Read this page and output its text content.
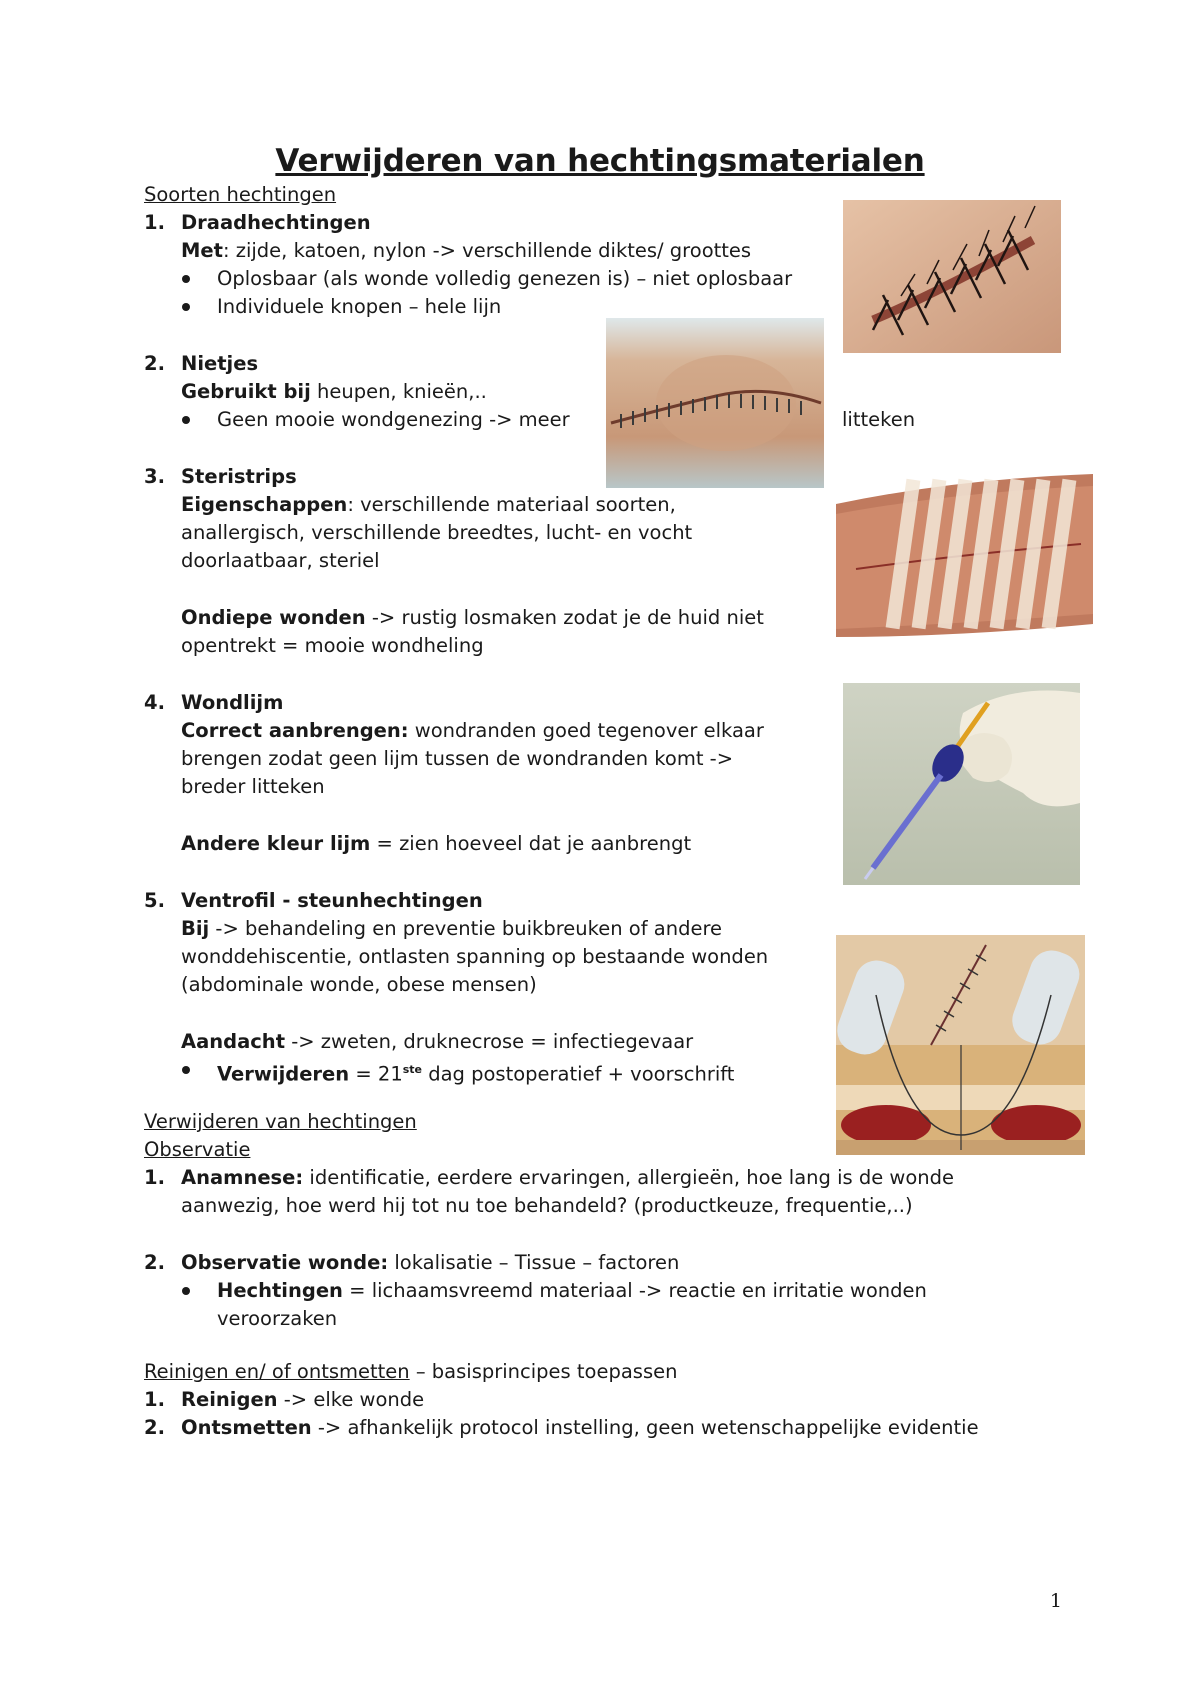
Verwijderen van hechtingsmaterialen
Soorten hechtingen
1. Draadhechtingen
Met: zijde, katoen, nylon -> verschillende diktes/ groottes
Oplosbaar (als wonde volledig genezen is) – niet oplosbaar
Individuele knopen – hele lijn
2. Nietjes
Gebruikt bij heupen, knieën,..
Geen mooie wondgenezing -> meer	litteken
3. Steristrips
Eigenschappen: verschillende materiaal soorten,
anallergisch, verschillende breedtes, lucht- en vocht
doorlaatbaar, steriel
Ondiepe wonden -> rustig losmaken zodat je de huid niet
opentrekt = mooie wondheling
4. Wondlijm
Correct aanbrengen: wondranden goed tegenover elkaar
brengen zodat geen lijm tussen de wondranden komt ->
breder litteken
Andere kleur lijm = zien hoeveel dat je aanbrengt
5. Ventrofil - steunhechtingen
Bij -> behandeling en preventie buikbreuken of andere
wonddehiscentie, ontlasten spanning op bestaande wonden
(abdominale wonde, obese mensen)
Aandacht -> zweten, druknecrose = infectiegevaar
Verwijderen = 21ste dag postoperatief + voorschrift
Verwijderen van hechtingen
Observatie
1. Anamnese: identificatie, eerdere ervaringen, allergieën, hoe lang is de wonde
aanwezig, hoe werd hij tot nu toe behandeld? (productkeuze, frequentie,..)
2. Observatie wonde: lokalisatie – Tissue – factoren
Hechtingen = lichaamsvreemd materiaal -> reactie en irritatie wonden
veroorzaken
Reinigen en/ of ontsmetten – basisprincipes toepassen
1. Reinigen -> elke wonde
2. Ontsmetten -> afhankelijk protocol instelling, geen wetenschappelijke evidentie
1
